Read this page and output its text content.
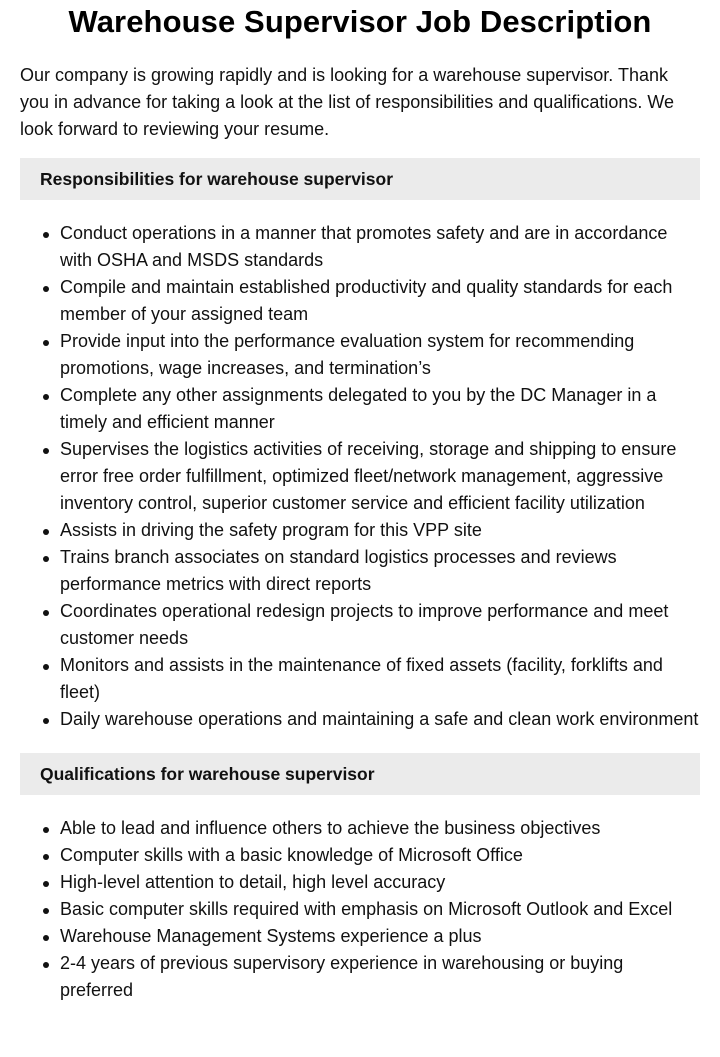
Warehouse Supervisor Job Description

Our company is growing rapidly and is looking for a warehouse supervisor. Thank you in advance for taking a look at the list of responsibilities and qualifications. We look forward to reviewing your resume.

Responsibilities for warehouse supervisor
Conduct operations in a manner that promotes safety and are in accordance with OSHA and MSDS standards
Compile and maintain established productivity and quality standards for each member of your assigned team
Provide input into the performance evaluation system for recommending promotions, wage increases, and termination’s
Complete any other assignments delegated to you by the DC Manager in a timely and efficient manner
Supervises the logistics activities of receiving, storage and shipping to ensure error free order fulfillment, optimized fleet/network management, aggressive inventory control, superior customer service and efficient facility utilization
Assists in driving the safety program for this VPP site
Trains branch associates on standard logistics processes and reviews performance metrics with direct reports
Coordinates operational redesign projects to improve performance and meet customer needs
Monitors and assists in the maintenance of fixed assets (facility, forklifts and fleet)
Daily warehouse operations and maintaining a safe and clean work environment
Qualifications for warehouse supervisor
Able to lead and influence others to achieve the business objectives
Computer skills with a basic knowledge of Microsoft Office
High-level attention to detail, high level accuracy
Basic computer skills required with emphasis on Microsoft Outlook and Excel
Warehouse Management Systems experience a plus
2-4 years of previous supervisory experience in warehousing or buying preferred
